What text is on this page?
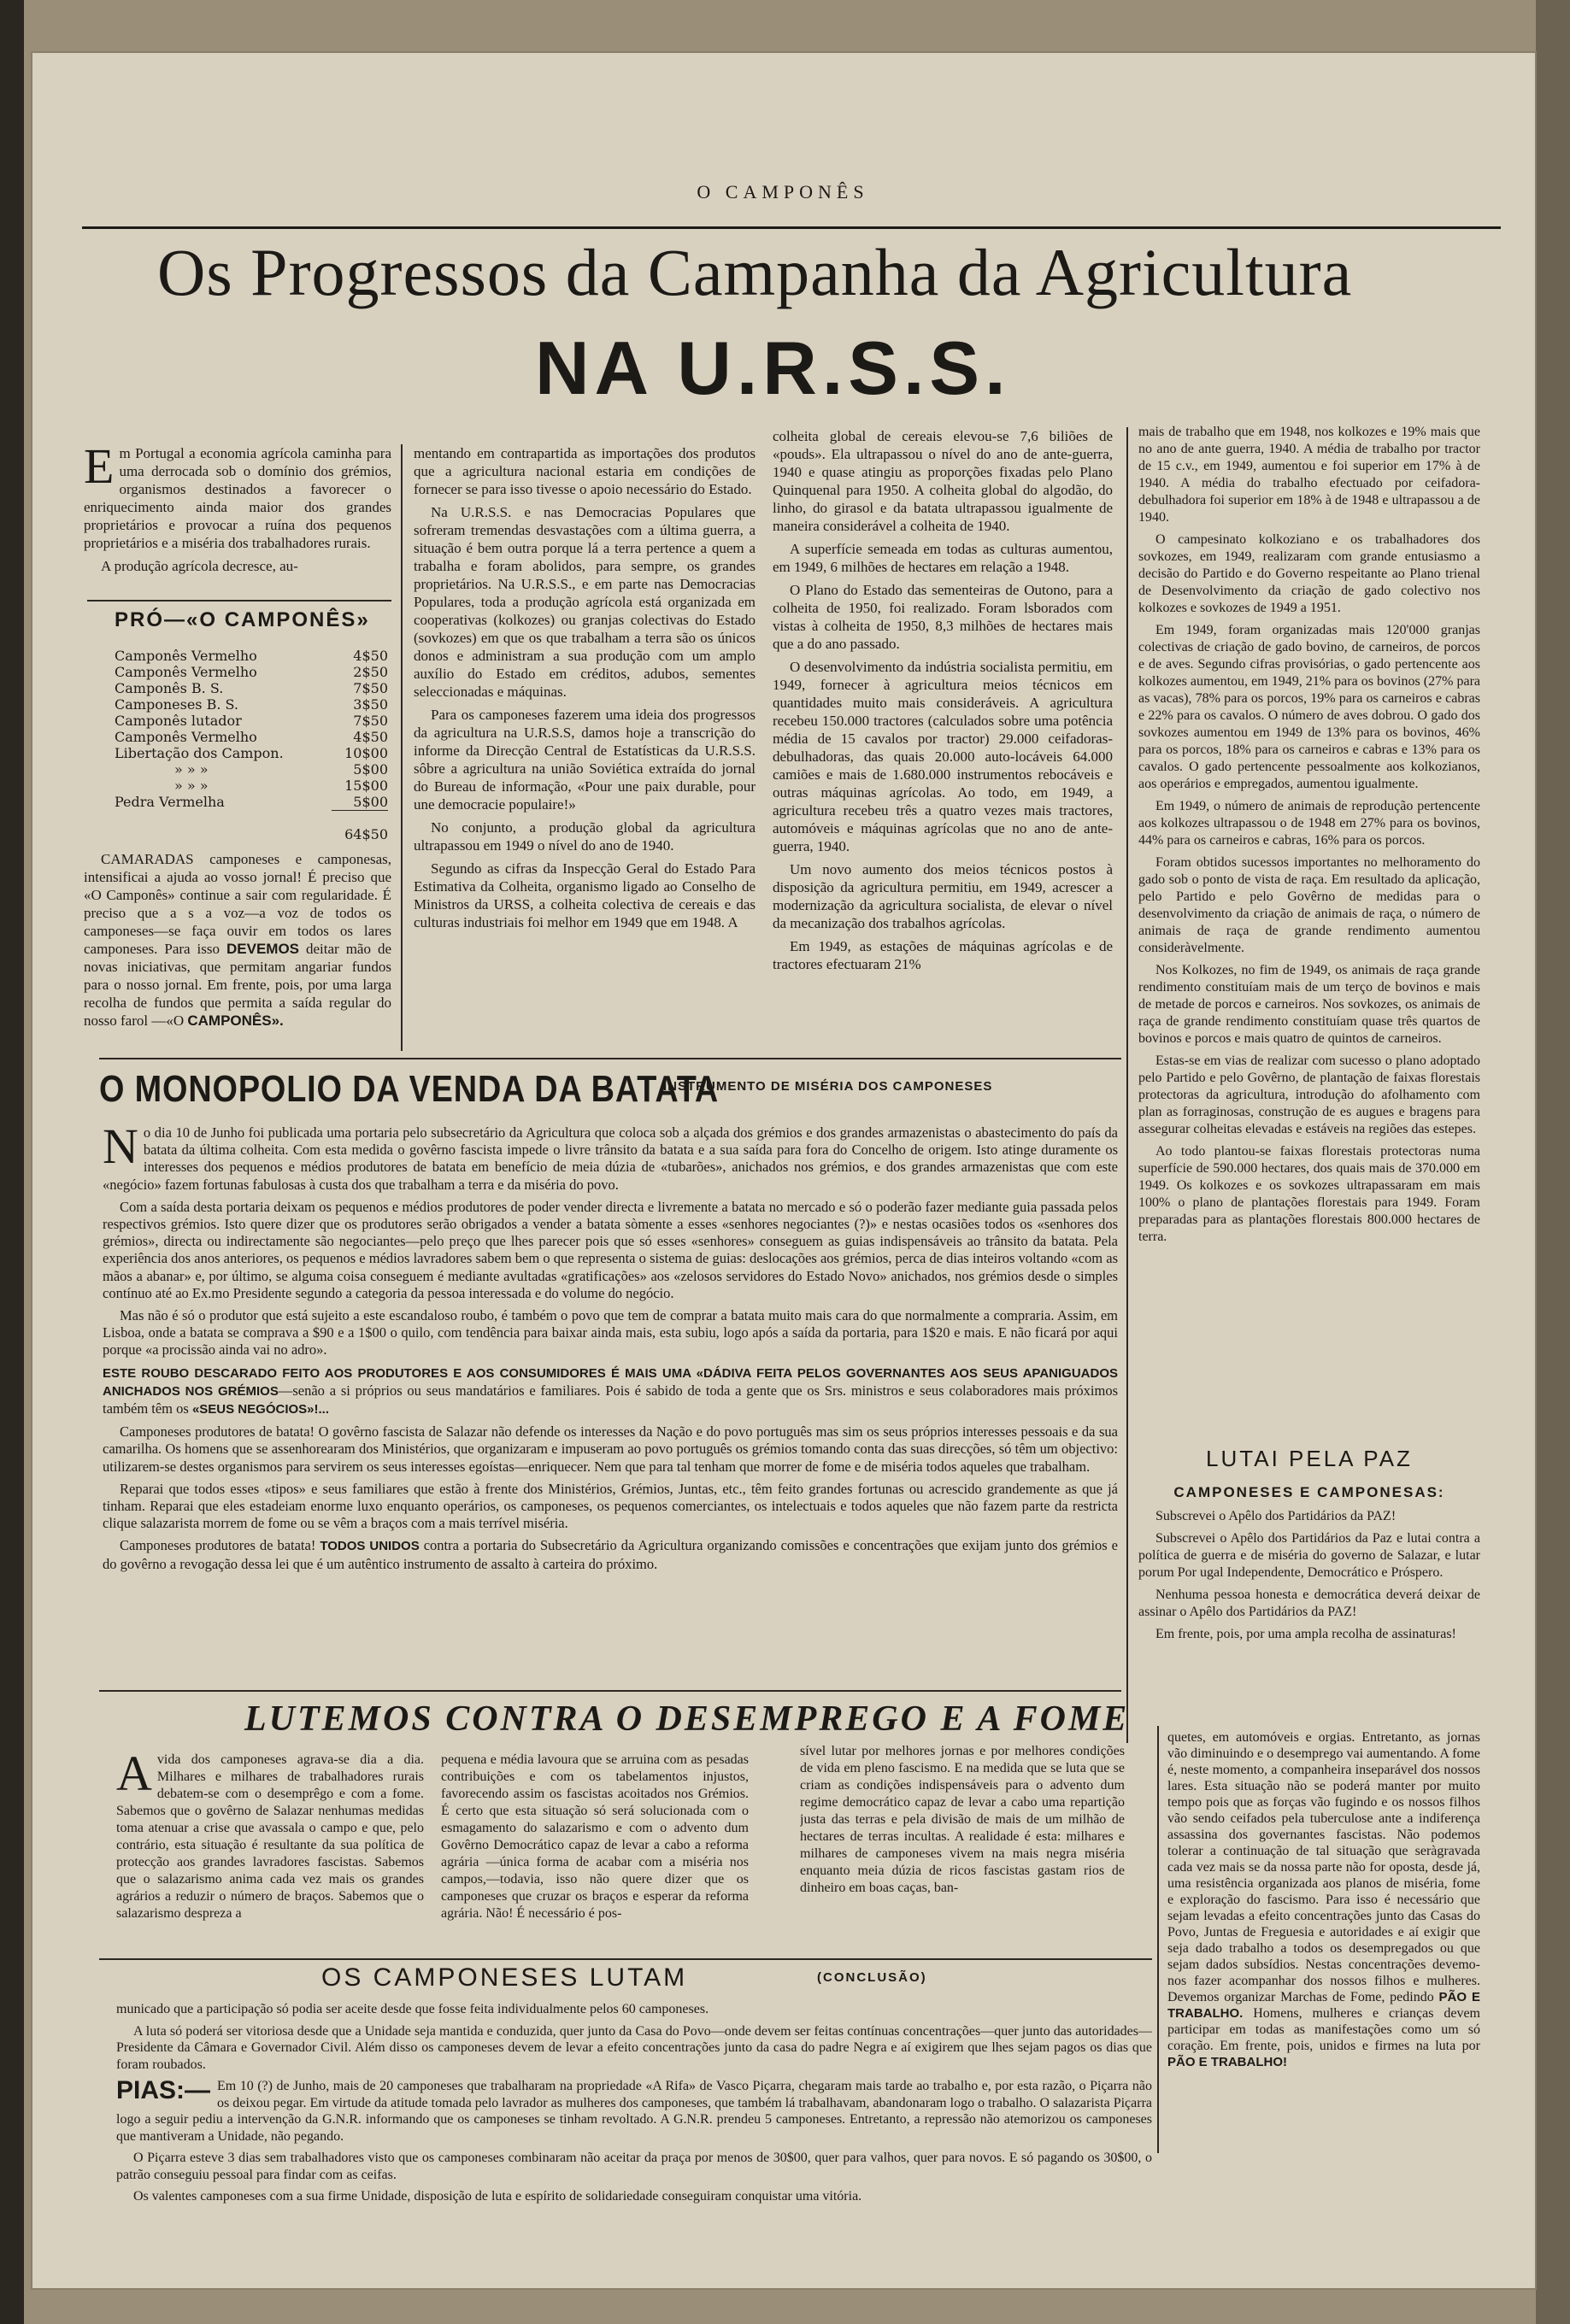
O CAMPONÊS
Os Progressos da Campanha da Agricultura
NA U.R.S.S.

Em Portugal a economia agrícola caminha para uma derrocada sob o domínio dos grémios, organismos destinados a favorecer o enriquecimento ainda maior dos grandes proprietários e provocar a ruína dos pequenos proprietários e a miséria dos trabalhadores rurais.

A produção agrícola decresce, au-

PRÓ—«O CAMPONÊS»
Camponês Vermelho	4$50
Camponês Vermelho	2$50
Camponês B. S.	7$50
Camponeses B. S.	3$50
Camponês lutador	7$50
Camponês Vermelho	4$50
Libertação dos Campon.	10$00
» » »	5$00
» » »	15$00
Pedra Vermelha	5$00
	64$50

CAMARADAS camponeses e camponesas, intensificai a ajuda ao vosso jornal! É preciso que «O Camponês» continue a sair com regularidade. É preciso que a s a voz—a voz de todos os camponeses—se faça ouvir em todos os lares camponeses. Para isso DEVEMOS deitar mão de novas iniciativas, que permitam angariar fundos para o nosso jornal. Em frente, pois, por uma larga recolha de fundos que permita a saída regular do nosso farol —«O CAMPONÊS».

mentando em contrapartida as importações dos produtos que a agricultura nacional estaria em condições de fornecer se para isso tivesse o apoio necessário do Estado.

Na U.R.S.S. e nas Democracias Populares que sofreram tremendas desvastações com a última guerra, a situação é bem outra porque lá a terra pertence a quem a trabalha e foram abolidos, para sempre, os grandes proprietários. Na U.R.S.S., e em parte nas Democracias Populares, toda a produção agrícola está organizada em cooperativas (kolkozes) ou granjas colectivas do Estado (sovkozes) em que os que trabalham a terra são os únicos donos e administram a sua produção com um amplo auxílio do Estado em créditos, adubos, sementes seleccionadas e máquinas.

Para os camponeses fazerem uma ideia dos progressos da agricultura na U.R.S.S, damos hoje a transcrição do informe da Direcção Central de Estatísticas da U.R.S.S. sôbre a agricultura na união Soviética extraída do jornal do Bureau de informação, «Pour une paix durable, pour une democracie populaire!»

No conjunto, a produção global da agricultura ultrapassou em 1949 o nível do ano de 1940.

Segundo as cifras da Inspecção Geral do Estado Para Estimativa da Colheita, organismo ligado ao Conselho de Ministros da URSS, a colheita colectiva de cereais e das culturas industriais foi melhor em 1949 que em 1948. A

colheita global de cereais elevou-se 7,6 biliões de «pouds». Ela ultrapassou o nível do ano de ante-guerra, 1940 e quase atingiu as proporções fixadas pelo Plano Quinquenal para 1950. A colheita global do algodão, do linho, do girasol e da batata ultrapassou igualmente de maneira considerável a colheita de 1940.

A superfície semeada em todas as culturas aumentou, em 1949, 6 milhões de hectares em relação a 1948.

O Plano do Estado das sementeiras de Outono, para a colheita de 1950, foi realizado. Foram lsborados com vistas à colheita de 1950, 8,3 milhões de hectares mais que a do ano passado.

O desenvolvimento da indústria socialista permitiu, em 1949, fornecer à agricultura meios técnicos em quantidades muito mais consideráveis. A agricultura recebeu 150.000 tractores (calculados sobre uma potência média de 15 cavalos por tractor) 29.000 ceifadoras-debulhadoras, das quais 20.000 auto-locáveis 64.000 camiões e mais de 1.680.000 instrumentos rebocáveis e outras máquinas agrícolas. Ao todo, em 1949, a agricultura recebeu três a quatro vezes mais tractores, automóveis e máquinas agrícolas que no ano de ante-guerra, 1940.

Um novo aumento dos meios técnicos postos à disposição da agricultura permitiu, em 1949, acrescer a modernização da agricultura socialista, de elevar o nível da mecanização dos trabalhos agrícolas.

Em 1949, as estações de máquinas agrícolas e de tractores efectuaram 21%

mais de trabalho que em 1948, nos kolkozes e 19% mais que no ano de ante guerra, 1940. A média de trabalho por tractor de 15 c.v., em 1949, aumentou e foi superior em 17% à de 1940. A média do trabalho efectuado por ceifadora-debulhadora foi superior em 18% à de 1948 e ultrapassou a de 1940.

O campesinato kolkoziano e os trabalhadores dos sovkozes, em 1949, realizaram com grande entusiasmo a decisão do Partido e do Governo respeitante ao Plano trienal de Desenvolvimento da criação de gado colectivo nos kolkozes e sovkozes de 1949 a 1951.

Em 1949, foram organizadas mais 120'000 granjas colectivas de criação de gado bovino, de carneiros, de porcos e de aves. Segundo cifras provisórias, o gado pertencente aos kolkozes aumentou, em 1949, 21% para os bovinos (27% para as vacas), 78% para os porcos, 19% para os carneiros e cabras e 22% para os cavalos. O número de aves dobrou. O gado dos sovkozes aumentou em 1949 de 13% para os bovinos, 46% para os porcos, 18% para os carneiros e cabras e 13% para os cavalos. O gado pertencente pessoalmente aos kolkozianos, aos operários e empregados, aumentou igualmente.

Em 1949, o número de animais de reprodução pertencente aos kolkozes ultrapassou o de 1948 em 27% para os bovinos, 44% para os carneiros e cabras, 16% para os porcos.

Foram obtidos sucessos importantes no melhoramento do gado sob o ponto de vista de raça. Em resultado da aplicação, pelo Partido e pelo Govêrno de medidas para o desenvolvimento da criação de animais de raça, o número de animais de raça de grande rendimento aumentou consideràvelmente.

Nos Kolkozes, no fim de 1949, os animais de raça grande rendimento constituíam mais de um terço de bovinos e mais de metade de porcos e carneiros. Nos sovkozes, os animais de raça de grande rendimento constituíam quase três quartos de bovinos e porcos e mais quatro de quintos de carneiros.

Estas-se em vias de realizar com sucesso o plano adoptado pelo Partido e pelo Govêrno, de plantação de faixas florestais protectoras da agricultura, introdução do afolhamento com plan as forraginosas, construção de es augues e bragens para assegurar colheitas elevadas e estáveis na regiões das estepes.

Ao todo plantou-se faixas florestais protectoras numa superfície de 590.000 hectares, dos quais mais de 370.000 em 1949. Os kolkozes e os sovkozes ultrapassaram em mais 100% o plano de plantações florestais para 1949. Foram preparadas para as plantações florestais 800.000 hectares de terra.

O MONOPOLIO DA VENDA DA BATATA
INSTRUMENTO DE MISÉRIA DOS CAMPONESES

No dia 10 de Junho foi publicada uma portaria pelo subsecretário da Agricultura que coloca sob a alçada dos grémios e dos grandes armazenistas o abastecimento do país da batata da última colheita. Com esta medida o govêrno fascista impede o livre trânsito da batata e a sua saída para fora do Concelho de origem. Isto atinge duramente os interesses dos pequenos e médios produtores de batata em benefício de meia dúzia de «tubarões», anichados nos grémios, e dos grandes armazenistas que com este «negócio» fazem fortunas fabulosas à custa dos que trabalham a terra e da miséria do povo.

Com a saída desta portaria deixam os pequenos e médios produtores de poder vender directa e livremente a batata no mercado e só o poderão fazer mediante guia passada pelos respectivos grémios. Isto quere dizer que os produtores serão obrigados a vender a batata sòmente a esses «senhores negociantes (?)» e nestas ocasiões todos os «senhores dos grémios», directa ou indirectamente são negociantes—pelo preço que lhes parecer pois que só esses «senhores» conseguem as guias indispensáveis ao trânsito da batata. Pela experiência dos anos anteriores, os pequenos e médios lavradores sabem bem o que representa o sistema de guias: deslocações aos grémios, perca de dias inteiros voltando «com as mãos a abanar» e, por último, se alguma coisa conseguem é mediante avultadas «gratificações» aos «zelosos servidores do Estado Novo» anichados, nos grémios desde o simples contínuo até ao Ex.mo Presidente segundo a categoria da pessoa interessada e do volume do negócio.

Mas não é só o produtor que está sujeito a este escandaloso roubo, é também o povo que tem de comprar a batata muito mais cara do que normalmente a compraria. Assim, em Lisboa, onde a batata se comprava a $90 e a 1$00 o quilo, com tendência para baixar ainda mais, esta subiu, logo após a saída da portaria, para 1$20 e mais. E não ficará por aqui porque «a procissão ainda vai no adro».

ESTE ROUBO DESCARADO FEITO AOS PRODUTORES E AOS CONSUMIDORES É MAIS UMA «DÁDIVA FEITA PELOS GOVERNANTES AOS SEUS APANIGUADOS ANICHADOS NOS GRÉMIOS—senão a si próprios ou seus mandatários e familiares. Pois é sabido de toda a gente que os Srs. ministros e seus colaboradores mais próximos também têm os «SEUS NEGÓCIOS»!...

Camponeses produtores de batata! O govêrno fascista de Salazar não defende os interesses da Nação e do povo português mas sim os seus próprios interesses pessoais e da sua camarilha. Os homens que se assenhorearam dos Ministérios, que organizaram e impuseram ao povo português os grémios tomando conta das suas direcções, só têm um objectivo: utilizarem-se destes organismos para servirem os seus interesses egoístas—enriquecer. Nem que para tal tenham que morrer de fome e de miséria todos aqueles que trabalham.

Reparai que todos esses «tipos» e seus familiares que estão à frente dos Ministérios, Grémios, Juntas, etc., têm feito grandes fortunas ou acrescido grandemente as que já tinham. Reparai que eles estadeiam enorme luxo enquanto operários, os camponeses, os pequenos comerciantes, os intelectuais e todos aqueles que não fazem parte da restricta clique salazarista morrem de fome ou se vêm a braços com a mais terrível miséria.

Camponeses produtores de batata! TODOS UNIDOS contra a portaria do Subsecretário da Agricultura organizando comissões e concentrações que exijam junto dos grémios e do govêrno a revogação dessa lei que é um autêntico instrumento de assalto à carteira do próximo.

LUTAI PELA PAZ
CAMPONESES E CAMPONESAS:

Subscrevei o Apêlo dos Partidários da PAZ!

Subscrevei o Apêlo dos Partidários da Paz e lutai contra a política de guerra e de miséria do governo de Salazar, e lutar porum Por ugal Independente, Democrático e Próspero.

Nenhuma pessoa honesta e democrática deverá deixar de assinar o Apêlo dos Partidários da PAZ!

Em frente, pois, por uma ampla recolha de assinaturas!

LUTEMOS CONTRA O DESEMPREGO E A FOME

Avida dos camponeses agrava-se dia a dia. Milhares e milhares de trabalhadores rurais debatem-se com o desemprêgo e com a fome. Sabemos que o govêrno de Salazar nenhumas medidas toma atenuar a crise que avassala o campo e que, pelo contrário, esta situação é resultante da sua política de protecção aos grandes lavradores fascistas. Sabemos que o salazarismo anima cada vez mais os grandes agrários a reduzir o número de braços. Sabemos que o salazarismo despreza a

pequena e média lavoura que se arruina com as pesadas contribuições e com os tabelamentos injustos, favorecendo assim os fascistas acoitados nos Grémios. É certo que esta situação só será solucionada com o esmagamento do salazarismo e com o advento dum Govêrno Democrático capaz de levar a cabo a reforma agrária —única forma de acabar com a miséria nos campos,—todavia, isso não quere dizer que os camponeses que cruzar os braços e esperar da reforma agrária. Não! É necessário é pos-

sível lutar por melhores jornas e por melhores condições de vida em pleno fascismo. E na medida que se luta que se criam as condições indispensáveis para o advento dum regime democrático capaz de levar a cabo uma repartição justa das terras e pela divisão de mais de um milhão de hectares de terras incultas. A realidade é esta: milhares e milhares de camponeses vivem na mais negra miséria enquanto meia dúzia de ricos fascistas gastam rios de dinheiro em boas caças, ban-

quetes, em automóveis e orgias. Entretanto, as jornas vão diminuindo e o desemprego vai aumentando. A fome é, neste momento, a companheira inseparável dos nossos lares. Esta situação não se poderá manter por muito tempo pois que as forças vão fugindo e os nossos filhos vão sendo ceifados pela tuberculose ante a indiferença assassina dos governantes fascistas. Não podemos tolerar a continuação de tal situação que seràgravada cada vez mais se da nossa parte não for oposta, desde já, uma resistência organizada aos planos de miséria, fome e exploração do fascismo. Para isso é necessário que sejam levadas a efeito concentrações junto das Casas do Povo, Juntas de Freguesia e autoridades e aí exigir que seja dado trabalho a todos os desempregados ou que sejam dados subsídios. Nestas concentrações devemo-nos fazer acompanhar dos nossos filhos e mulheres. Devemos organizar Marchas de Fome, pedindo PÃO E TRABALHO. Homens, mulheres e crianças devem participar em todas as manifestações como um só coração. Em frente, pois, unidos e firmes na luta por PÃO E TRABALHO!

OS CAMPONESES LUTAM	(CONCLUSÃO)

municado que a participação só podia ser aceite desde que fosse feita individualmente pelos 60 camponeses.

A luta só poderá ser vitoriosa desde que a Unidade seja mantida e conduzida, quer junto da Casa do Povo—onde devem ser feitas contínuas concentrações—quer junto das autoridades—Presidente da Câmara e Governador Civil. Além disso os camponeses devem de levar a efeito concentrações junto da casa do padre Negra e aí exigirem que lhes sejam pagos os dias que foram roubados.

PIAS:— Em 10 (?) de Junho, mais de 20 camponeses que trabalharam na propriedade «A Rifa» de Vasco Piçarra, chegaram mais tarde ao trabalho e, por esta razão, o Piçarra não os deixou pegar. Em virtude da atitude tomada pelo lavrador as mulheres dos camponeses, que também lá trabalhavam, abandonaram logo o trabalho. O salazarista Piçarra logo a seguir pediu a intervenção da G.N.R. informando que os camponeses se tinham revoltado. A G.N.R. prendeu 5 camponeses. Entretanto, a repressão não atemorizou os camponeses que mantiveram a Unidade, não pegando.

O Piçarra esteve 3 dias sem trabalhadores visto que os camponeses combinaram não aceitar da praça por menos de 30$00, quer para valhos, quer para novos. E só pagando os 30$00, o patrão conseguiu pessoal para findar com as ceifas.

Os valentes camponeses com a sua firme Unidade, disposição de luta e espírito de solidariedade conseguiram conquistar uma vitória.
